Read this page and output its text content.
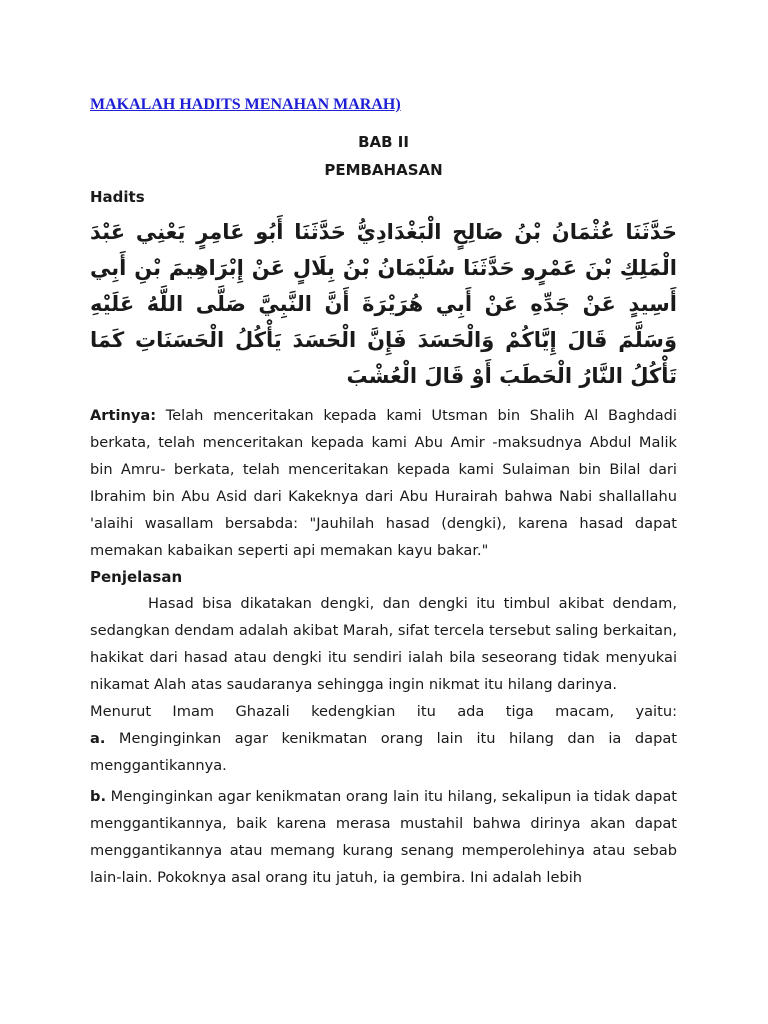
MAKALAH HADITS MENAHAN MARAH)

BAB II

PEMBAHASAN

Hadits

حَدَّثَنَا عُثْمَانُ بْنُ صَالِحٍ الْبَغْدَادِيُّ حَدَّثَنَا أَبُو عَامِرٍ يَعْنِي عَبْدَ الْمَلِكِ بْنَ عَمْرٍو حَدَّثَنَا سُلَيْمَانُ بْنُ بِلَالٍ عَنْ إِبْرَاهِيمَ بْنِ أَبِي أَسِيدٍ عَنْ جَدِّهِ عَنْ أَبِي هُرَيْرَةَ أَنَّ النَّبِيَّ صَلَّى اللَّهُ عَلَيْهِ وَسَلَّمَ قَالَ إِيَّاكُمْ وَالْحَسَدَ فَإِنَّ الْحَسَدَ يَأْكُلُ الْحَسَنَاتِ كَمَا تَأْكُلُ النَّارُ الْحَطَبَ أَوْ قَالَ الْعُشْبَ

Artinya: Telah menceritakan kepada kami Utsman bin Shalih Al Baghdadi berkata, telah menceritakan kepada kami Abu Amir -maksudnya Abdul Malik bin Amru- berkata, telah menceritakan kepada kami Sulaiman bin Bilal dari Ibrahim bin Abu Asid dari Kakeknya dari Abu Hurairah bahwa Nabi shallallahu 'alaihi wasallam bersabda: "Jauhilah hasad (dengki), karena hasad dapat memakan kabaikan seperti api memakan kayu bakar."

Penjelasan

Hasad bisa dikatakan dengki, dan dengki itu timbul akibat dendam, sedangkan dendam adalah akibat Marah, sifat tercela tersebut saling berkaitan, hakikat dari hasad atau dengki itu sendiri ialah bila seseorang tidak menyukai nikamat Alah atas saudaranya sehingga ingin nikmat itu hilang darinya.

Menurut Imam Ghazali kedengkian itu ada tiga macam, yaitu:

a. Menginginkan agar kenikmatan orang lain itu hilang dan ia dapat menggantikannya.

b. Menginginkan agar kenikmatan orang lain itu hilang, sekalipun ia tidak dapat menggantikannya, baik karena merasa mustahil bahwa dirinya akan dapat menggantikannya atau memang kurang senang memperolehinya atau sebab lain-lain. Pokoknya asal orang itu jatuh, ia gembira. Ini adalah lebih
